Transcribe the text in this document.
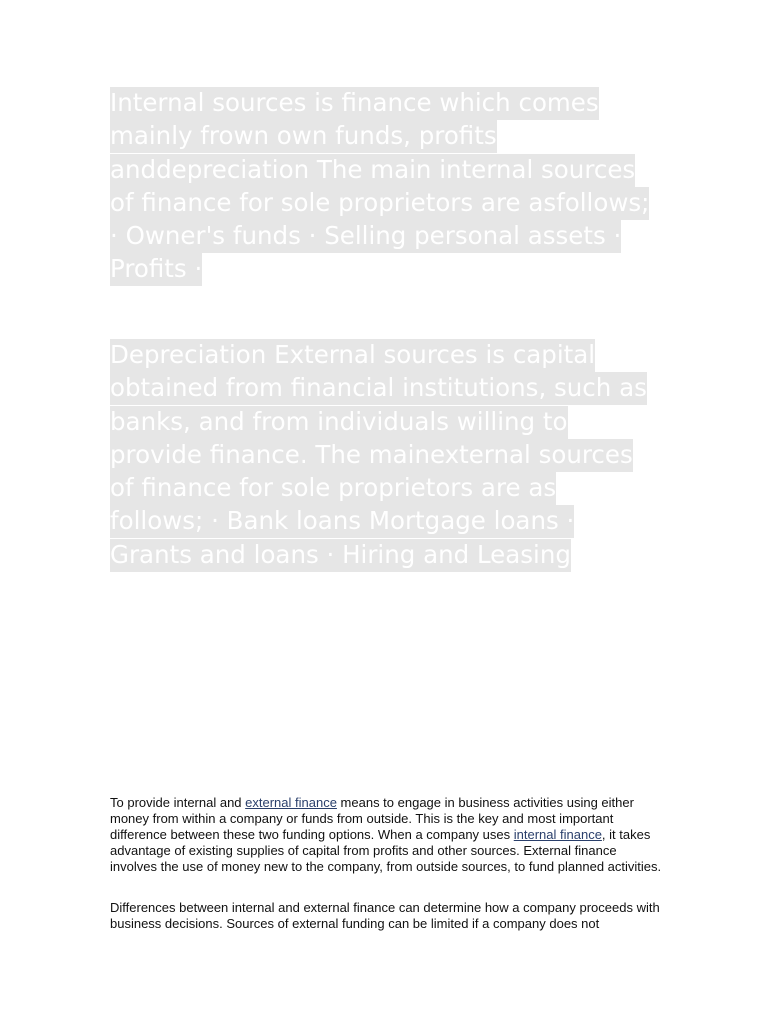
Internal sources is finance which comes mainly frown own funds, profits anddepreciation The main internal sources of finance for sole proprietors are asfollows; · Owner's funds · Selling personal assets · Profits ·

Depreciation External sources is capital obtained from financial institutions, such as banks, and from individuals willing to provide finance. The mainexternal sources of finance for sole proprietors are as follows; · Bank loans Mortgage loans · Grants and loans · Hiring and Leasing

To provide internal and external finance means to engage in business activities using either money from within a company or funds from outside. This is the key and most important difference between these two funding options. When a company uses internal finance, it takes advantage of existing supplies of capital from profits and other sources. External finance involves the use of money new to the company, from outside sources, to fund planned activities.

Differences between internal and external finance can determine how a company proceeds with business decisions. Sources of external funding can be limited if a company does not
